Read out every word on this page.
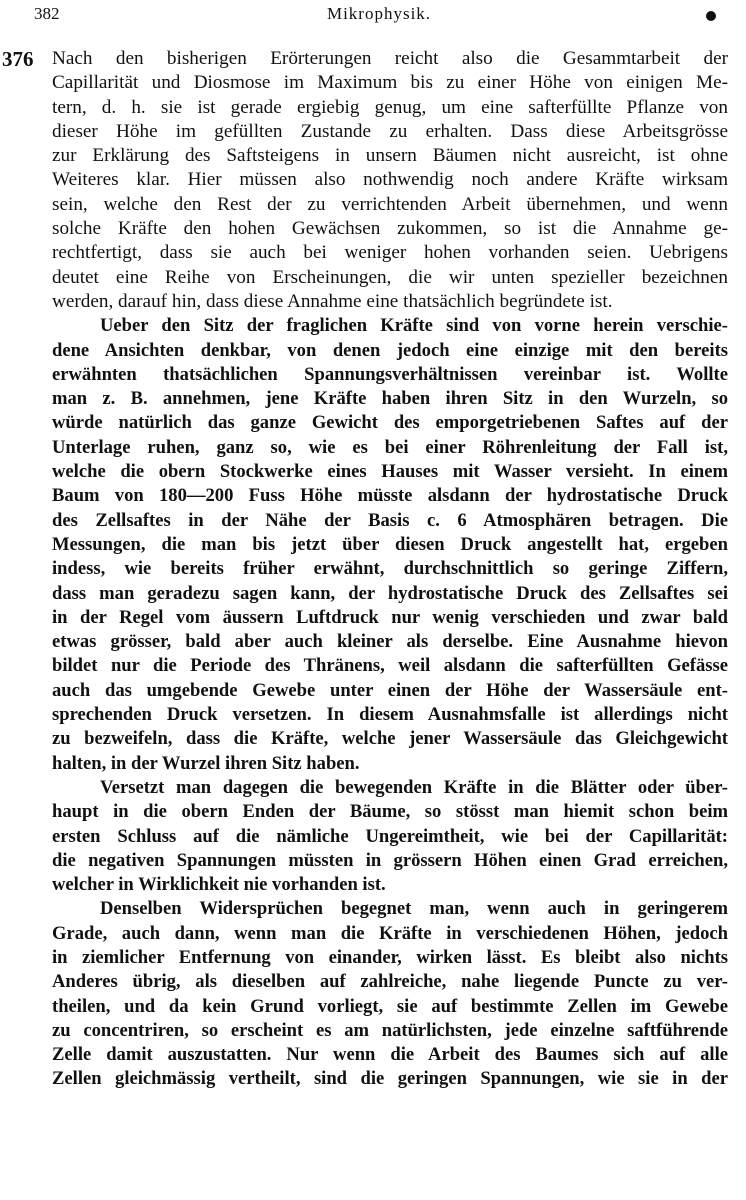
382	Mikrophysik.
376 Nach den bisherigen Erörterungen reicht also die Gesammtarbeit der
Capillarität und Diosmose im Maximum bis zu einer Höhe von einigen Me-
tern, d. h. sie ist gerade ergiebig genug, um eine safterfüllte Pflanze von
dieser Höhe im gefüllten Zustande zu erhalten. Dass diese Arbeitsgrösse
zur Erklärung des Saftsteigens in unsern Bäumen nicht ausreicht, ist ohne
Weiteres klar. Hier müssen also nothwendig noch andere Kräfte wirksam
sein, welche den Rest der zu verrichtenden Arbeit übernehmen, und wenn
solche Kräfte den hohen Gewächsen zukommen, so ist die Annahme ge-
rechtfertigt, dass sie auch bei weniger hohen vorhanden seien. Uebrigens
deutet eine Reihe von Erscheinungen, die wir unten spezieller bezeichnen
werden, darauf hin, dass diese Annahme eine thatsächlich begründete ist.
Ueber den Sitz der fraglichen Kräfte sind von vorne herein verschie-
dene Ansichten denkbar, von denen jedoch eine einzige mit den bereits
erwähnten thatsächlichen Spannungsverhältnissen vereinbar ist. Wollte
man z. B. annehmen, jene Kräfte haben ihren Sitz in den Wurzeln, so
würde natürlich das ganze Gewicht des emporgetriebenen Saftes auf der
Unterlage ruhen, ganz so, wie es bei einer Röhrenleitung der Fall ist,
welche die obern Stockwerke eines Hauses mit Wasser versieht. In einem
Baum von 180—200 Fuss Höhe müsste alsdann der hydrostatische Druck
des Zellsaftes in der Nähe der Basis c. 6 Atmosphären betragen. Die
Messungen, die man bis jetzt über diesen Druck angestellt hat, ergeben
indess, wie bereits früher erwähnt, durchschnittlich so geringe Ziffern,
dass man geradezu sagen kann, der hydrostatische Druck des Zellsaftes sei
in der Regel vom äussern Luftdruck nur wenig verschieden und zwar bald
etwas grösser, bald aber auch kleiner als derselbe. Eine Ausnahme hievon
bildet nur die Periode des Thränens, weil alsdann die safterfüllten Gefässe
auch das umgebende Gewebe unter einen der Höhe der Wassersäule ent-
sprechenden Druck versetzen. In diesem Ausnahmsfalle ist allerdings nicht
zu bezweifeln, dass die Kräfte, welche jener Wassersäule das Gleichgewicht
halten, in der Wurzel ihren Sitz haben.
Versetzt man dagegen die bewegenden Kräfte in die Blätter oder über-
haupt in die obern Enden der Bäume, so stösst man hiemit schon beim
ersten Schluss auf die nämliche Ungereimtheit, wie bei der Capillarität:
die negativen Spannungen müssten in grössern Höhen einen Grad erreichen,
welcher in Wirklichkeit nie vorhanden ist.
Denselben Widersprüchen begegnet man, wenn auch in geringerem
Grade, auch dann, wenn man die Kräfte in verschiedenen Höhen, jedoch
in ziemlicher Entfernung von einander, wirken lässt. Es bleibt also nichts
Anderes übrig, als dieselben auf zahlreiche, nahe liegende Puncte zu ver-
theilen, und da kein Grund vorliegt, sie auf bestimmte Zellen im Gewebe
zu concentriren, so erscheint es am natürlichsten, jede einzelne saftführende
Zelle damit auszustatten. Nur wenn die Arbeit des Baumes sich auf alle
Zellen gleichmässig vertheilt, sind die geringen Spannungen, wie sie in der
